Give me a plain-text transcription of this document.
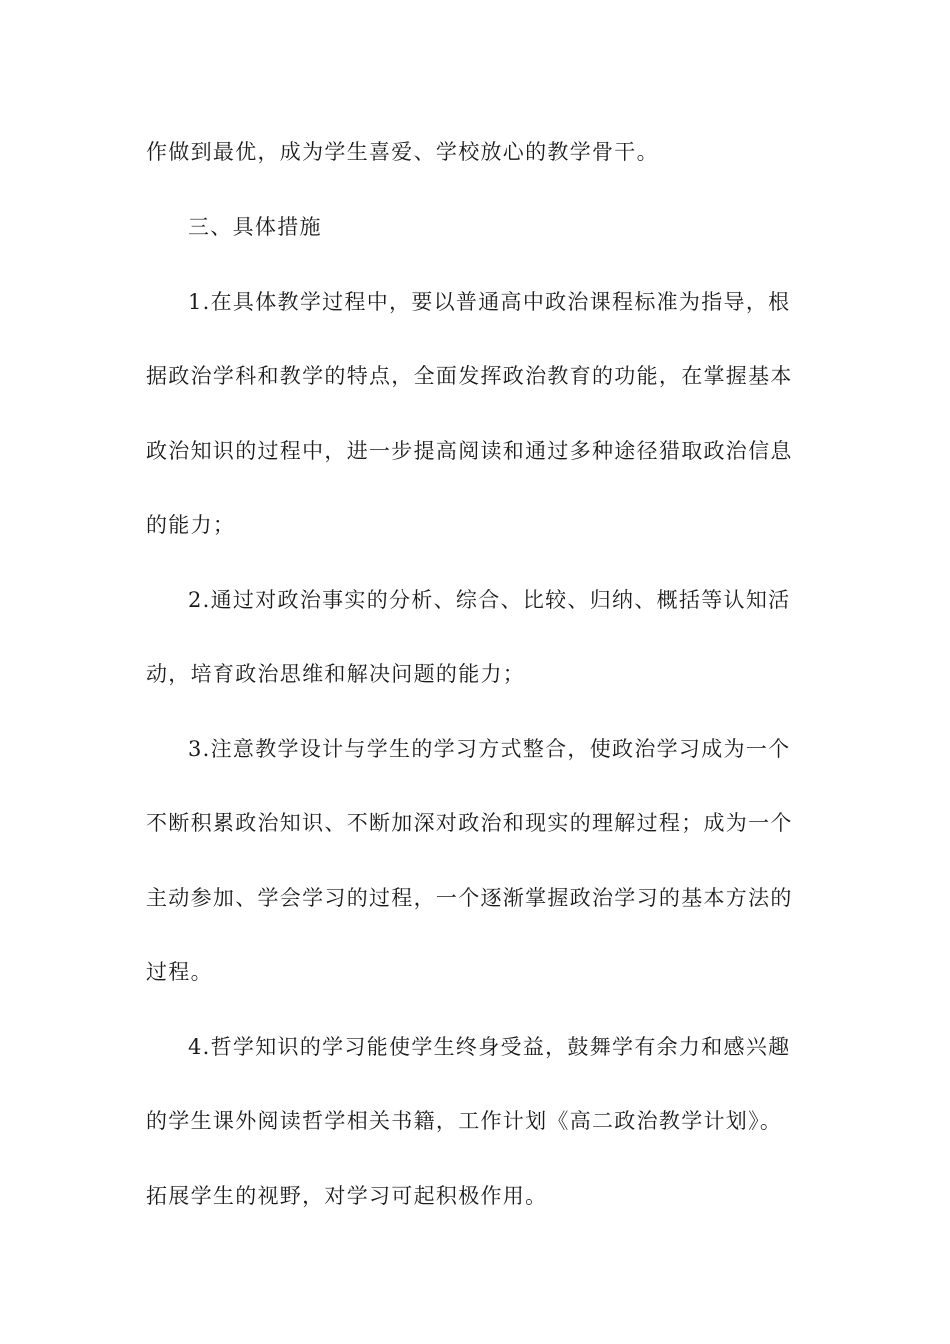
作做到最优，成为学生喜爱、学校放心的教学骨干。
三、具体措施
1.在具体教学过程中，要以普通高中政治课程标准为指导，根
据政治学科和教学的特点，全面发挥政治教育的功能，在掌握基本
政治知识的过程中，进一步提高阅读和通过多种途径猎取政治信息
的能力；
2.通过对政治事实的分析、综合、比较、归纳、概括等认知活
动，培育政治思维和解决问题的能力；
3.注意教学设计与学生的学习方式整合，使政治学习成为一个
不断积累政治知识、不断加深对政治和现实的理解过程；成为一个
主动参加、学会学习的过程，一个逐渐掌握政治学习的基本方法的
过程。
4.哲学知识的学习能使学生终身受益，鼓舞学有余力和感兴趣
的学生课外阅读哲学相关书籍，工作计划《高二政治教学计划》。
拓展学生的视野，对学习可起积极作用。
